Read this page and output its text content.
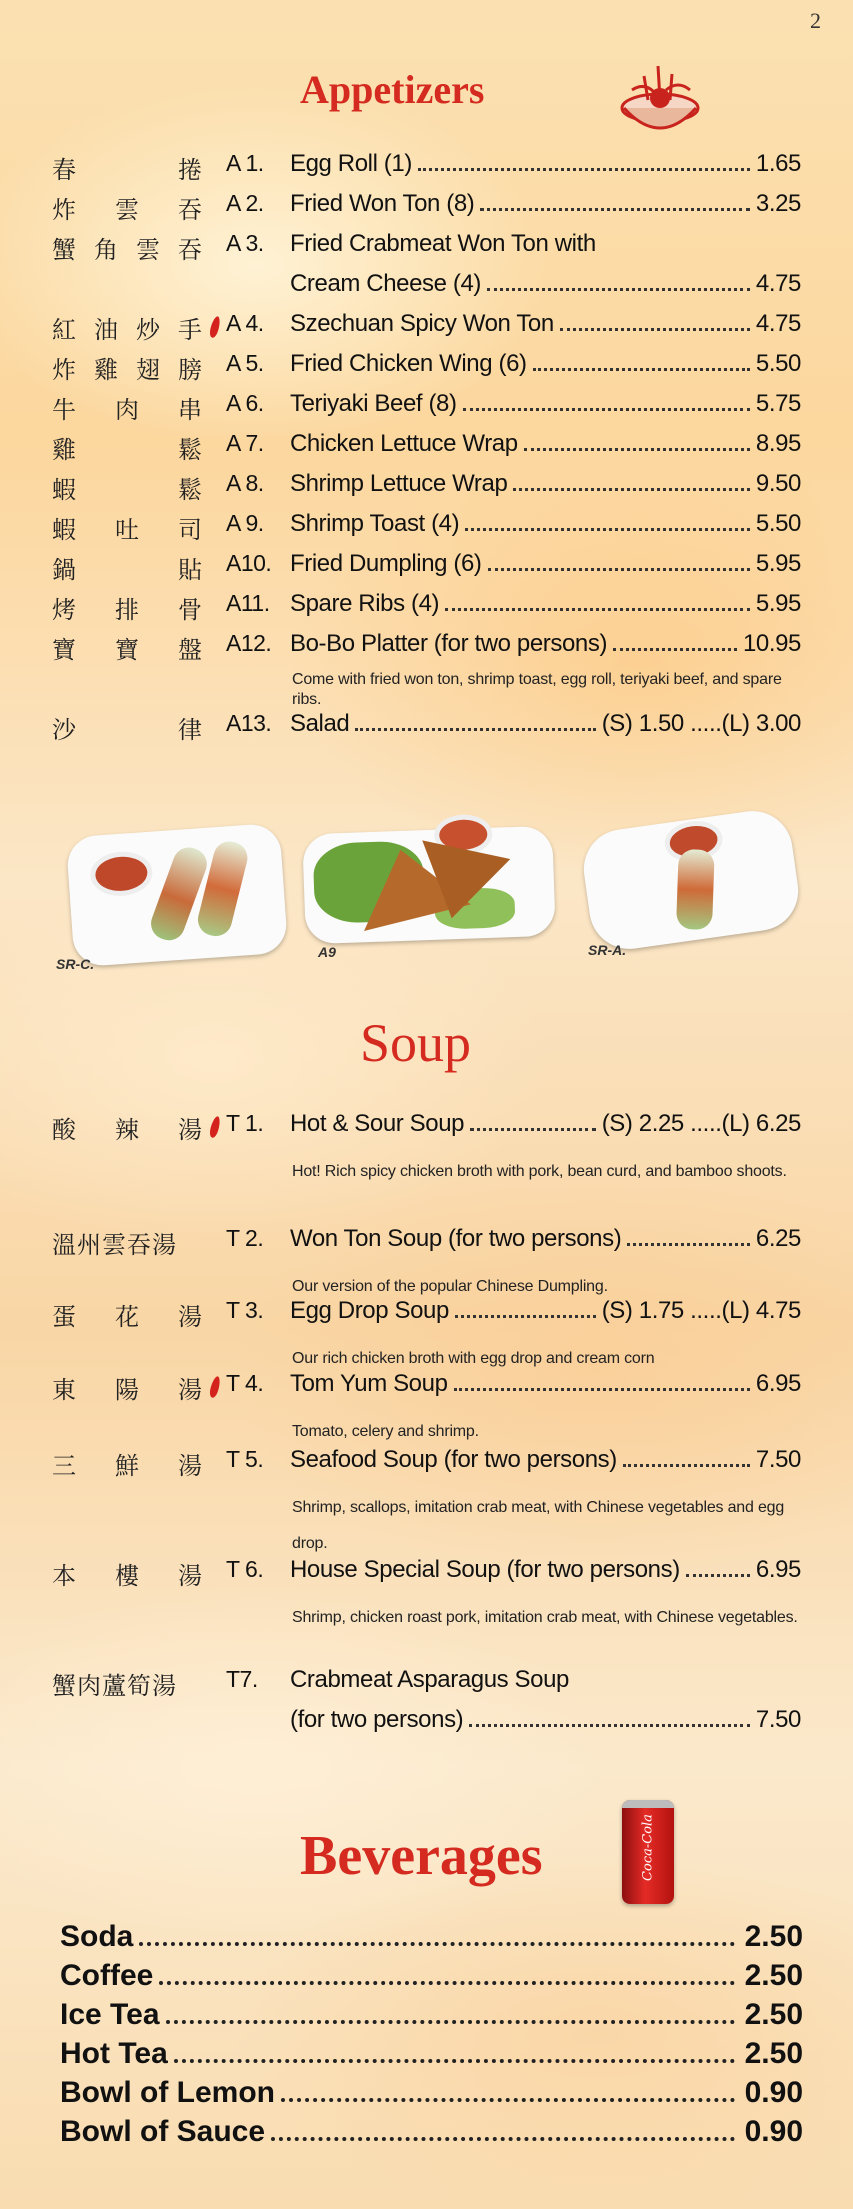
2
Appetizers
春	捲 A 1. Egg Roll (1)	1.65
炸 雲 吞 A 2. Fried Won Ton (8)	3.25
蟹 角 雲 吞 A 3. Fried Crabmeat Won Ton with
Cream Cheese (4)	4.75
紅 油 炒 手 A 4. Szechuan Spicy Won Ton	4.75
炸 雞 翅 膀 A 5. Fried Chicken Wing (6)	5.50
牛 肉 串 A 6. Teriyaki Beef (8)	5.75
雞	鬆 A 7. Chicken Lettuce Wrap	8.95
蝦	鬆 A 8. Shrimp Lettuce Wrap	9.50
蝦 吐 司 A 9. Shrimp Toast (4)	5.50
鍋	貼 A10. Fried Dumpling (6)	5.95
烤 排 骨 A11. Spare Ribs (4)	5.95
寶 寶 盤 A12. Bo-Bo Platter (for two persons)	10.95
沙	律 A13. Salad	(S) 1.50 .....(L) 3.00
Come with fried won ton, shrimp toast, egg roll, teriyaki beef, and spare ribs.
SR-C.
A9	SR-A.
Soup
酸 辣 湯 T 1. Hot & Sour Soup	(S) 2.25 .....(L) 6.25
Hot! Rich spicy chicken broth with pork, bean curd, and bamboo shoots.
溫 州 雲 吞 湯 T 2. Won Ton Soup (for two persons)	6.25
Our version of the popular Chinese Dumpling.
蛋 花 湯 T 3. Egg Drop Soup	(S) 1.75 .....(L) 4.75
Our rich chicken broth with egg drop and cream corn
東 陽 湯 T 4. Tom Yum Soup	6.95
Tomato, celery and shrimp.
三 鮮 湯 T 5. Seafood Soup (for two persons)	7.50
Shrimp, scallops, imitation crab meat, with Chinese vegetables and egg drop.
本 樓 湯 T 6. House Special Soup (for two persons)	6.95
Shrimp, chicken roast pork, imitation crab meat, with Chinese vegetables.
蟹 肉 蘆 筍 湯 T7. Crabmeat Asparagus Soup
(for two persons)	7.50
Beverages	Coca-Cola
Soda	2.50
Coffee	2.50
Ice Tea	2.50
Hot Tea	2.50
Bowl of Lemon	0.90
Bowl of Sauce	0.90
